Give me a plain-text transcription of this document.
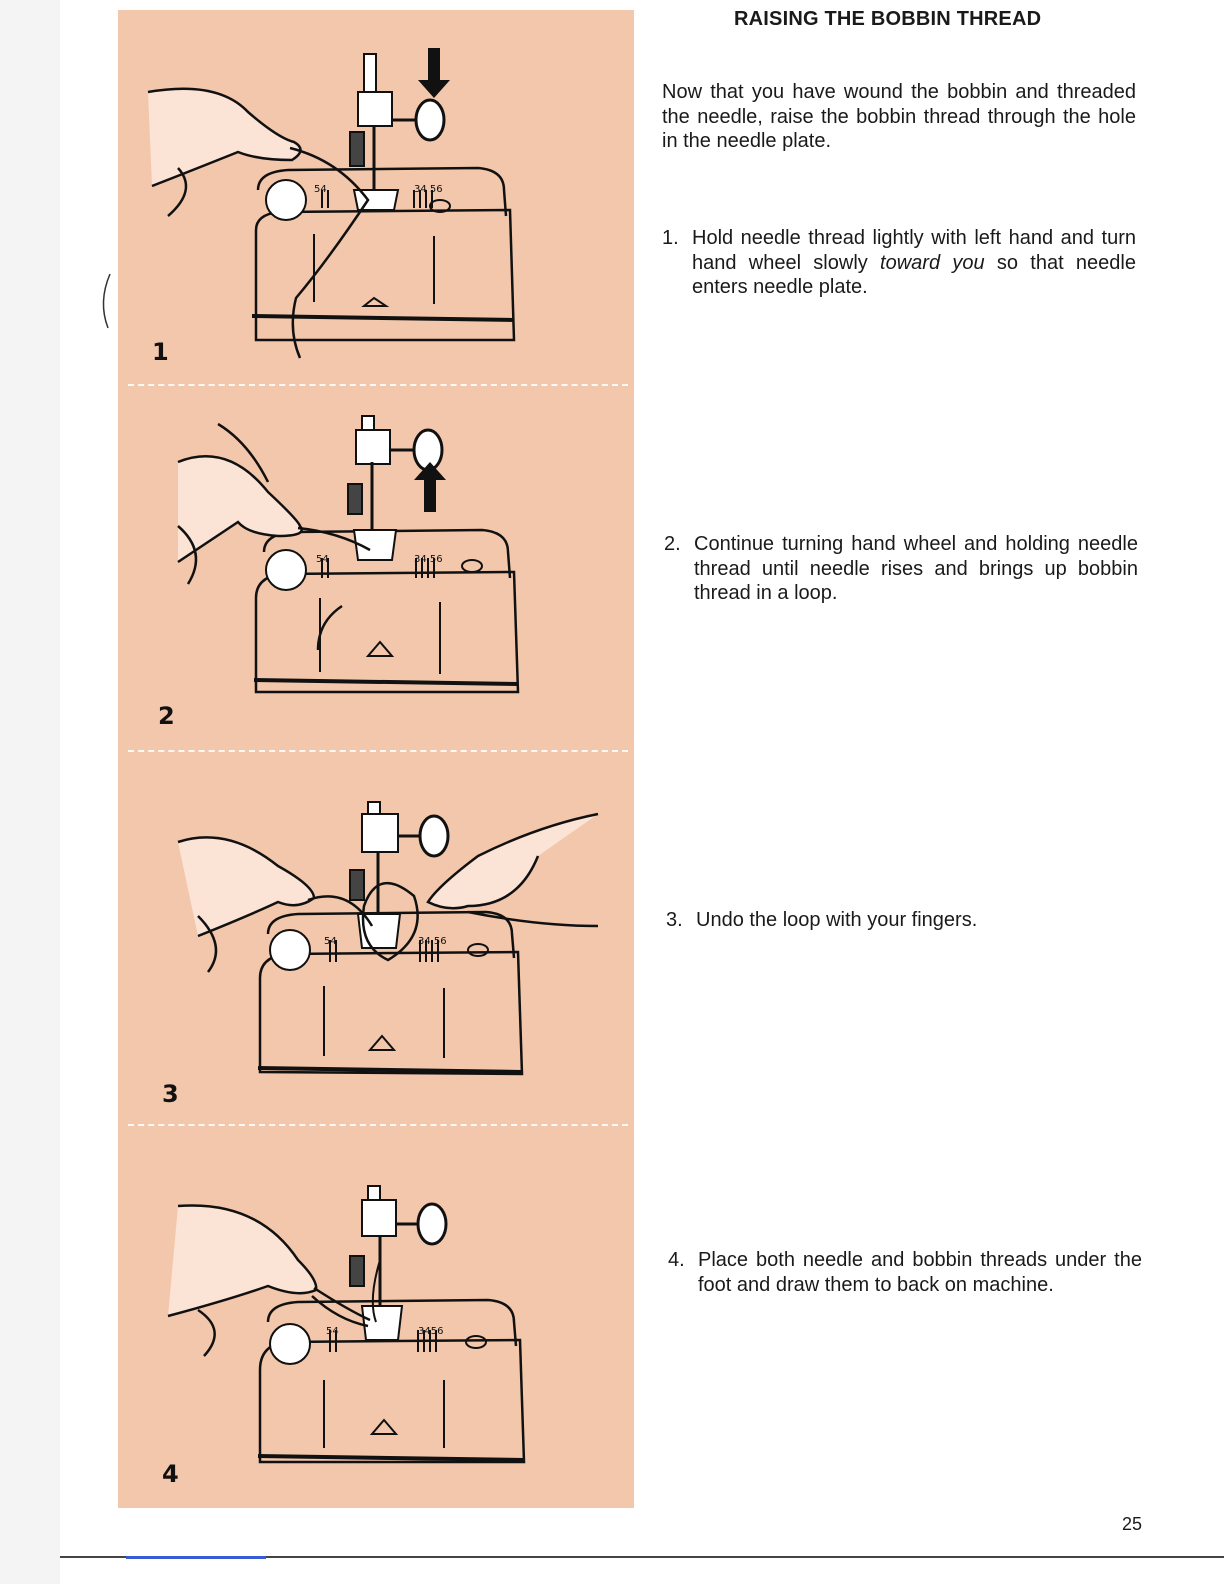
54	34 56
1
54	34 56
2
54	34 56
3
54	3456
4
RAISING THE BOBBIN THREAD
Now that you have wound the bobbin and threaded the needle, raise the bobbin thread through the hole in the needle plate.
1. Hold needle thread lightly with left hand and turn hand wheel slowly toward you so that needle enters needle plate.
2. Continue turning hand wheel and holding needle thread until needle rises and brings up bobbin thread in a loop.
3. Undo the loop with your fingers.
4. Place both needle and bobbin threads under the foot and draw them to back on machine.
25
